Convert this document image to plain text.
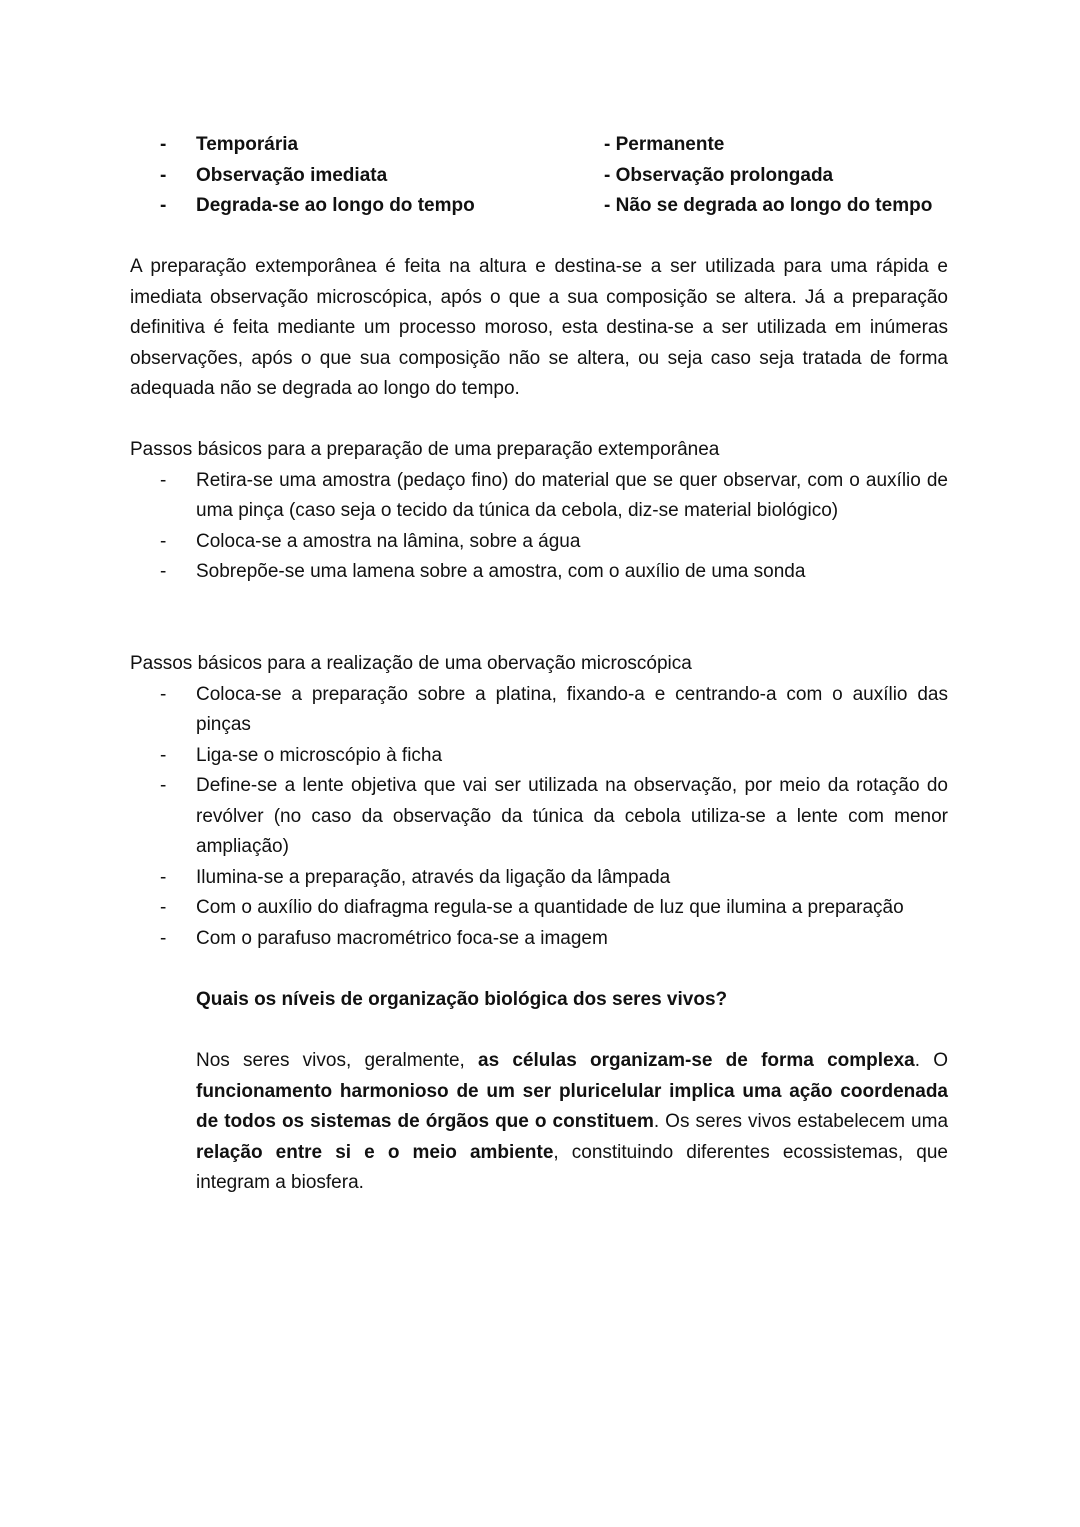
- Temporária	- Permanente
- Observação imediata	- Observação prolongada
- Degrada-se ao longo do tempo	- Não se degrada ao longo do tempo

A preparação extemporânea é feita na altura e destina-se a ser utilizada para uma rápida e imediata observação microscópica, após o que a sua composição se altera. Já a preparação definitiva é feita mediante um processo moroso, esta destina-se a ser utilizada em inúmeras observações, após o que sua composição não se altera, ou seja caso seja tratada de forma adequada não se degrada ao longo do tempo.

Passos básicos para a preparação de uma preparação extemporânea

- Retira-se uma amostra (pedaço fino) do material que se quer observar, com o auxílio de uma pinça (caso seja o tecido da túnica da cebola, diz-se material biológico)
- Coloca-se a amostra na lâmina, sobre a água
- Sobrepõe-se uma lamena sobre a amostra, com o auxílio de uma sonda

Passos básicos para a realização de uma obervação microscópica

- Coloca-se a preparação sobre a platina, fixando-a e centrando-a com o auxílio das pinças
- Liga-se o microscópio à ficha
- Define-se a lente objetiva que vai ser utilizada na observação, por meio da rotação do revólver (no caso da observação da túnica da cebola utiliza-se a lente com menor ampliação)
- Ilumina-se a preparação, através da ligação da lâmpada
- Com o auxílio do diafragma regula-se a quantidade de luz que ilumina a preparação
- Com o parafuso macrométrico foca-se a imagem
Quais os níveis de organização biológica dos seres vivos?

Nos seres vivos, geralmente, as células organizam-se de forma complexa. O funcionamento harmonioso de um ser pluricelular implica uma ação coordenada de todos os sistemas de órgãos que o constituem. Os seres vivos estabelecem uma relação entre si e o meio ambiente, constituindo diferentes ecossistemas, que integram a biosfera.
